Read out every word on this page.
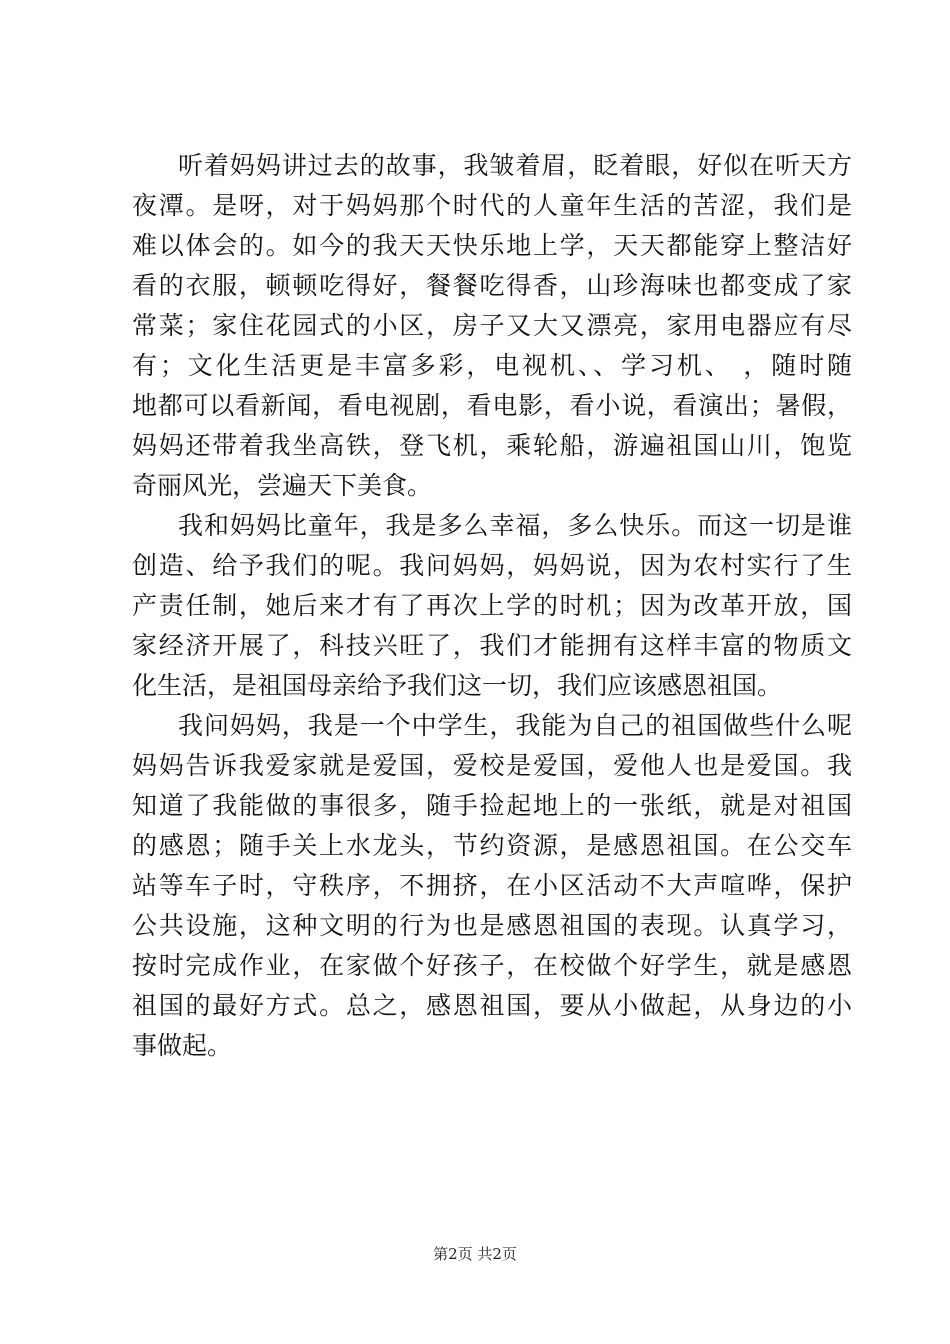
听着妈妈讲过去的故事，我皱着眉，眨着眼，好似在听天方
夜潭。是呀，对于妈妈那个时代的人童年生活的苦涩，我们是
难以体会的。如今的我天天快乐地上学，天天都能穿上整洁好
看的衣服，顿顿吃得好，餐餐吃得香，山珍海味也都变成了家
常菜；家住花园式的小区，房子又大又漂亮，家用电器应有尽
有；文化生活更是丰富多彩，电视机、、学习机、 ，随时随
地都可以看新闻，看电视剧，看电影，看小说，看演出；暑假，
妈妈还带着我坐高铁，登飞机，乘轮船，游遍祖国山川，饱览
奇丽风光，尝遍天下美食。

我和妈妈比童年，我是多么幸福，多么快乐。而这一切是谁
创造、给予我们的呢。我问妈妈，妈妈说，因为农村实行了生
产责任制，她后来才有了再次上学的时机；因为改革开放，国
家经济开展了，科技兴旺了，我们才能拥有这样丰富的物质文
化生活，是祖国母亲给予我们这一切，我们应该感恩祖国。

我问妈妈，我是一个中学生，我能为自己的祖国做些什么呢
妈妈告诉我爱家就是爱国，爱校是爱国，爱他人也是爱国。我
知道了我能做的事很多，随手捡起地上的一张纸，就是对祖国
的感恩；随手关上水龙头，节约资源，是感恩祖国。在公交车
站等车子时，守秩序，不拥挤，在小区活动不大声喧哗，保护
公共设施，这种文明的行为也是感恩祖国的表现。认真学习，
按时完成作业，在家做个好孩子，在校做个好学生，就是感恩
祖国的最好方式。总之，感恩祖国，要从小做起，从身边的小
事做起。

第2页 共2页
